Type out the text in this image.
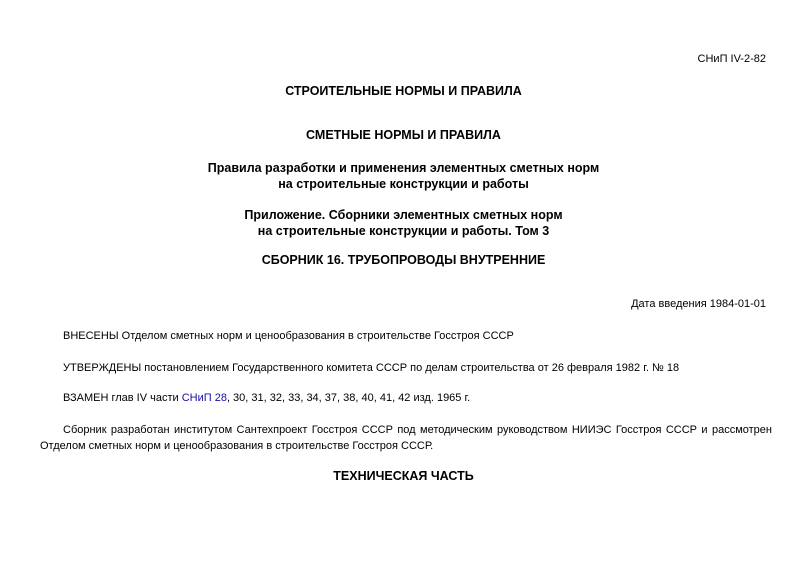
СНиП IV-2-82
СТРОИТЕЛЬНЫЕ НОРМЫ И ПРАВИЛА
СМЕТНЫЕ НОРМЫ И ПРАВИЛА
Правила разработки и применения элементных сметных норм
на строительные конструкции и работы
Приложение. Сборники элементных сметных норм
на строительные конструкции и работы. Том 3
СБОРНИК 16. ТРУБОПРОВОДЫ ВНУТРЕННИЕ
Дата введения 1984-01-01
ВНЕСЕНЫ Отделом сметных норм и ценообразования в строительстве Госстроя СССР
УТВЕРЖДЕНЫ постановлением Государственного комитета СССР по делам строительства от 26 февраля 1982 г. № 18
ВЗАМЕН глав IV части СНиП 28, 30, 31, 32, 33, 34, 37, 38, 40, 41, 42 изд. 1965 г.
Сборник разработан институтом Сантехпроект Госстроя СССР под методическим руководством НИИЭС Госстроя СССР и рассмотрен Отделом сметных норм и ценообразования в строительстве Госстроя СССР.
ТЕХНИЧЕСКАЯ ЧАСТЬ
